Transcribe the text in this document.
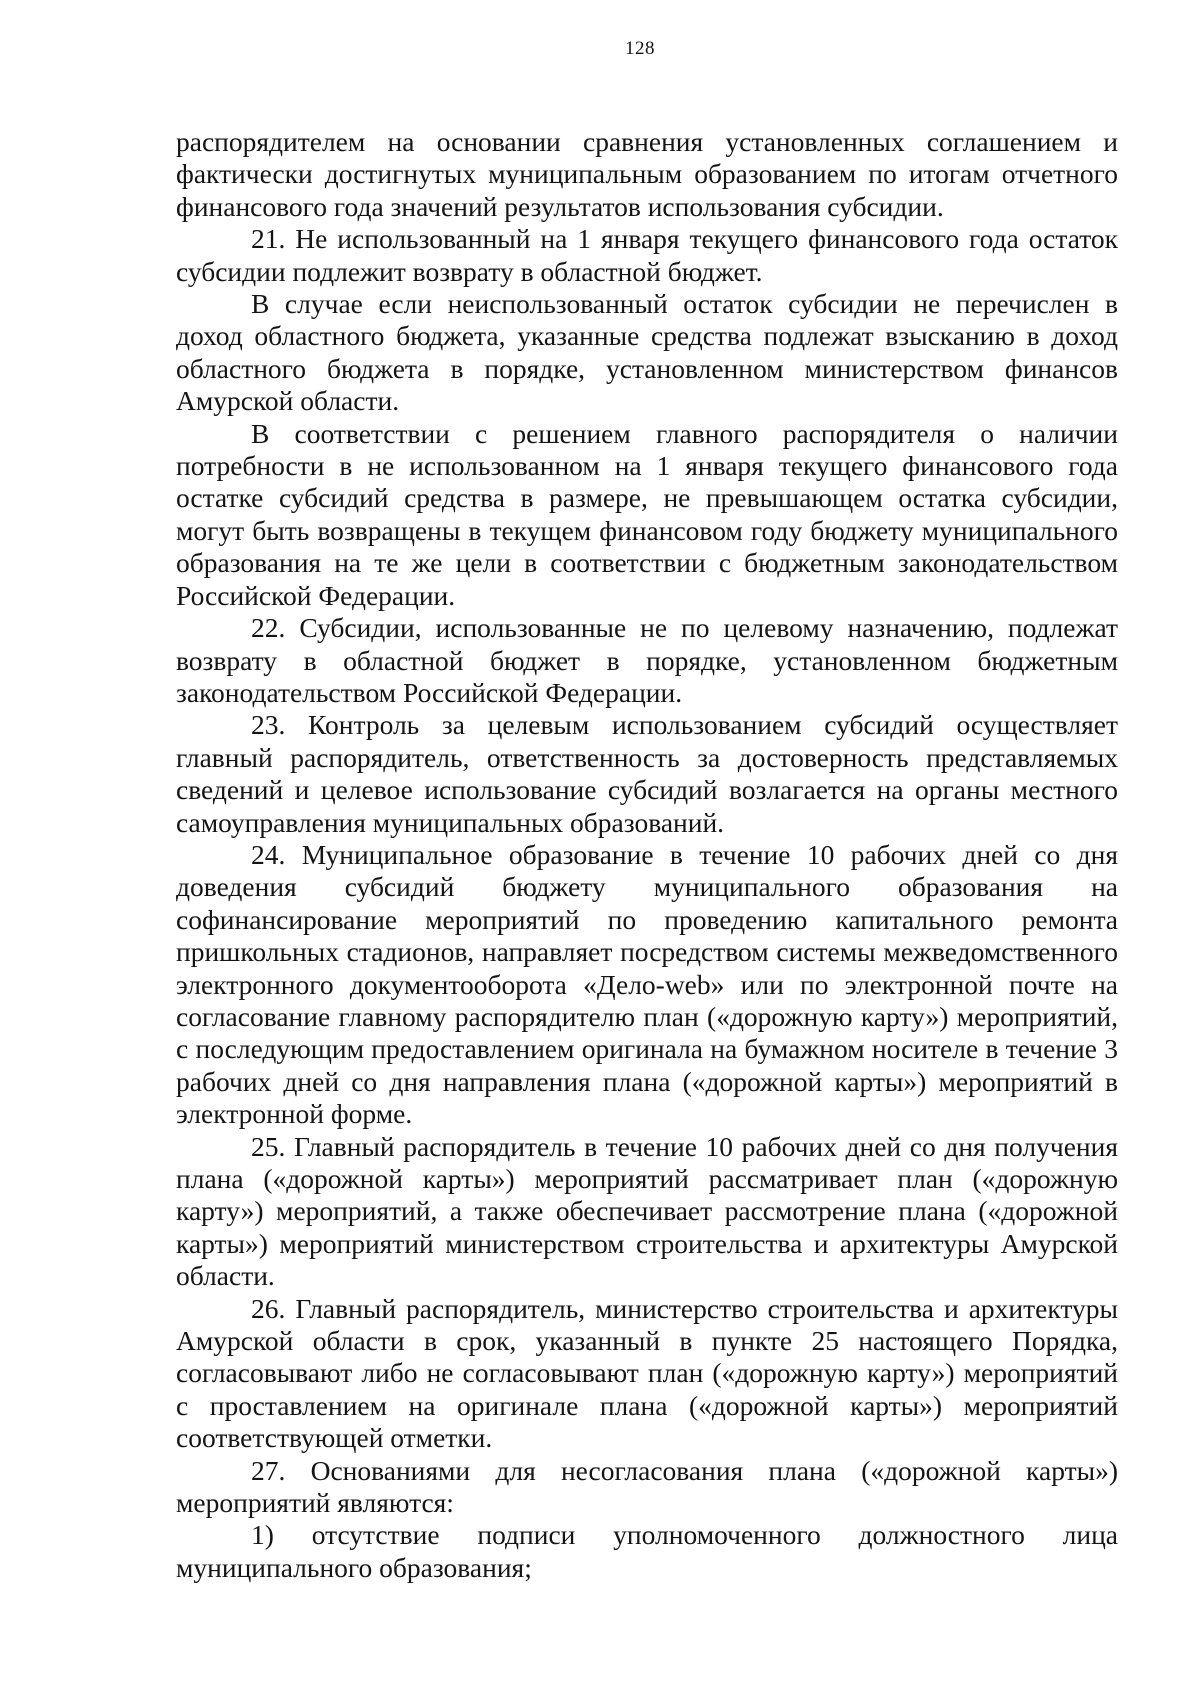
128

распорядителем на основании сравнения установленных соглашением и фактически достигнутых муниципальным образованием по итогам отчетного финансового года значений результатов использования субсидии.

21. Не использованный на 1 января текущего финансового года остаток субсидии подлежит возврату в областной бюджет.

В случае если неиспользованный остаток субсидии не перечислен в доход областного бюджета, указанные средства подлежат взысканию в доход областного бюджета в порядке, установленном министерством финансов Амурской области.

В соответствии с решением главного распорядителя о наличии потребности в не использованном на 1 января текущего финансового года остатке субсидий средства в размере, не превышающем остатка субсидии, могут быть возвращены в текущем финансовом году бюджету муниципального образования на те же цели в соответствии с бюджетным законодательством Российской Федерации.

22. Субсидии, использованные не по целевому назначению, подлежат возврату в областной бюджет в порядке, установленном бюджетным законодательством Российской Федерации.

23. Контроль за целевым использованием субсидий осуществляет главный распорядитель, ответственность за достоверность представляемых сведений и целевое использование субсидий возлагается на органы местного самоуправления муниципальных образований.

24. Муниципальное образование в течение 10 рабочих дней со дня доведения субсидий бюджету муниципального образования на софинансирование мероприятий по проведению капитального ремонта пришкольных стадионов, направляет посредством системы межведомственного электронного документооборота «Дело-web» или по электронной почте на согласование главному распорядителю план («дорожную карту») мероприятий, с последующим предоставлением оригинала на бумажном носителе в течение 3 рабочих дней со дня направления плана («дорожной карты») мероприятий в электронной форме.

25. Главный распорядитель в течение 10 рабочих дней со дня получения плана («дорожной карты») мероприятий рассматривает план («дорожную карту») мероприятий, а также обеспечивает рассмотрение плана («дорожной карты») мероприятий министерством строительства и архитектуры Амурской области.

26. Главный распорядитель, министерство строительства и архитектуры Амурской области в срок, указанный в пункте 25 настоящего Порядка, согласовывают либо не согласовывают план («дорожную карту») мероприятий с проставлением на оригинале плана («дорожной карты») мероприятий соответствующей отметки.

27. Основаниями для несогласования плана («дорожной карты») мероприятий являются:

1) отсутствие подписи уполномоченного должностного лица муниципального образования;
